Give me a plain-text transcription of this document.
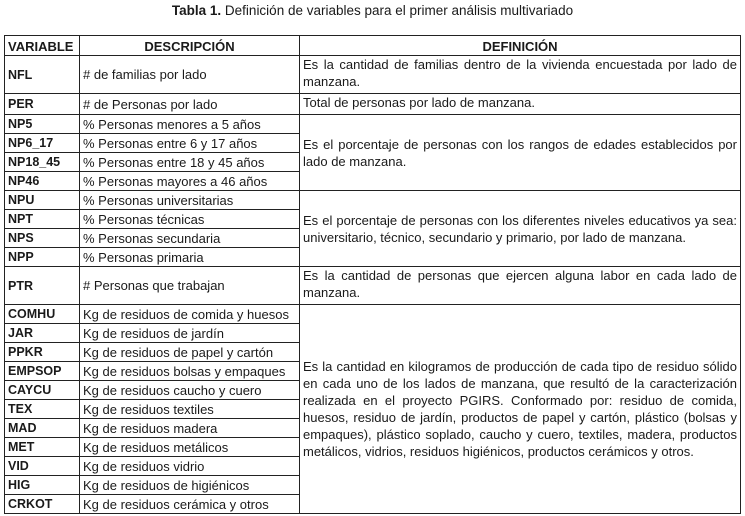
Tabla 1. Definición de variables para el primer análisis multivariado
VARIABLE	DESCRIPCIÓN	DEFINICIÓN
NFL	# de familias por lado	Es la cantidad de familias dentro de la vivienda encuestada por lado de manzana.
PER	# de Personas por lado	Total de personas por lado de manzana.
NP5	% Personas menores a 5 años	Es el porcentaje de personas con los rangos de edades establecidos por lado de manzana.
NP6_17	% Personas entre 6 y 17 años	
NP18_45	% Personas entre 18 y 45 años	
NP46	% Personas mayores a 46 años	
NPU	% Personas universitarias	Es el porcentaje de personas con los diferentes niveles educativos ya sea: universitario, técnico, secundario y primario, por lado de manzana.
NPT	% Personas técnicas	
NPS	% Personas secundaria	
NPP	% Personas primaria	
PTR	# Personas que trabajan	Es la cantidad de personas que ejercen alguna labor en cada lado de manzana.
COMHU	Kg de residuos de comida y huesos	Es la cantidad en kilogramos de producción de cada tipo de residuo sólido en cada uno de los lados de manzana, que resultó de la caracterización realizada en el proyecto PGIRS. Conformado por: residuo de comida, huesos, residuo de jardín, productos de papel y cartón, plástico (bolsas y empaques), plástico soplado, caucho y cuero, textiles, madera, productos metálicos, vidrios, residuos higiénicos, productos cerámicos y otros.
JAR	Kg de residuos de jardín	
PPKR	Kg de residuos de papel y cartón	
EMPSOP	Kg de residuos bolsas y empaques	
CAYCU	Kg de residuos caucho y cuero	
TEX	Kg de residuos textiles	
MAD	Kg de residuos madera	
MET	Kg de residuos metálicos	
VID	Kg de residuos vidrio	
HIG	Kg de residuos de higiénicos	
CRKOT	Kg de residuos cerámica y otros	
